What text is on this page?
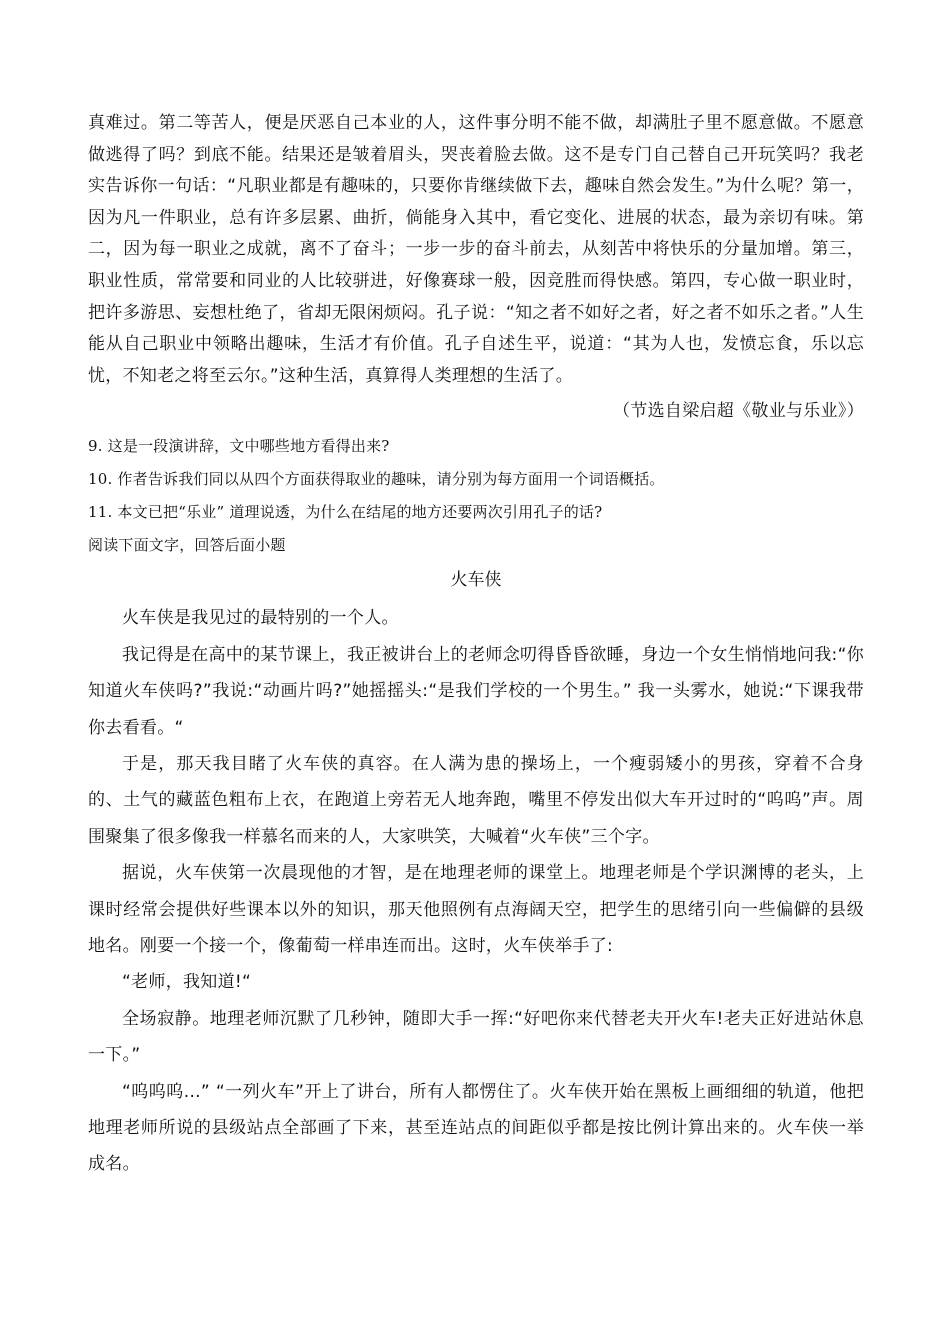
真难过。第二等苦人，便是厌恶自己本业的人，这件事分明不能不做，却满肚子里不愿意做。不愿意做逃得了吗？到底不能。结果还是皱着眉头，哭丧着脸去做。这不是专门自己替自己开玩笑吗？我老实告诉你一句话：“凡职业都是有趣味的，只要你肯继续做下去，趣味自然会发生。”为什么呢？第一，因为凡一件职业，总有许多层累、曲折，倘能身入其中，看它变化、进展的状态，最为亲切有味。第二，因为每一职业之成就，离不了奋斗；一步一步的奋斗前去，从刻苦中将快乐的分量加增。第三，职业性质，常常要和同业的人比较骈进，好像赛球一般，因竞胜而得快感。第四，专心做一职业时，把许多游思、妄想杜绝了，省却无限闲烦闷。孔子说：“知之者不如好之者，好之者不如乐之者。”人生能从自己职业中领略出趣味，生活才有价值。孔子自述生平，说道：“其为人也，发愤忘食，乐以忘忧，不知老之将至云尔。”这种生活，真算得人类理想的生活了。

（节选自梁启超《敬业与乐业》）

9. 这是一段演讲辞，文中哪些地方看得出来?

10. 作者告诉我们同以从四个方面获得取业的趣味，请分别为每方面用一个词语概括。

11. 本文已把“乐业” 道理说透，为什么在结尾的地方还要两次引用孔子的话?

阅读下面文字，回答后面小题

火车侠

火车侠是我见过的最特别的一个人。

我记得是在高中的某节课上，我正被讲台上的老师念叨得昏昏欲睡，身边一个女生悄悄地问我:“你知道火车侠吗?”我说:“动画片吗?”她摇摇头:“是我们学校的一个男生。” 我一头雾水，她说:“下课我带你去看看。“

于是，那天我目睹了火车侠的真容。在人满为患的操场上，一个瘦弱矮小的男孩，穿着不合身的、土气的藏蓝色粗布上衣，在跑道上旁若无人地奔跑，嘴里不停发出似大车开过时的“呜呜”声。周围聚集了很多像我一样慕名而来的人，大家哄笑，大喊着“火车侠”三个字。

据说，火车侠第一次晨现他的才智，是在地理老师的课堂上。地理老师是个学识渊博的老头，上课时经常会提供好些课本以外的知识，那天他照例有点海阔天空，把学生的思绪引向一些偏僻的县级地名。刚要一个接一个，像葡萄一样串连而出。这时，火车侠举手了:

“老师，我知道!“

全场寂静。地理老师沉默了几秒钟，随即大手一挥:“好吧你来代替老夫开火车!老夫正好进站休息一下。”

“呜呜呜...” “一列火车”开上了讲台，所有人都愣住了。火车侠开始在黑板上画细细的轨道，他把地理老师所说的县级站点全部画了下来，甚至连站点的间距似乎都是按比例计算出来的。火车侠一举成名。
